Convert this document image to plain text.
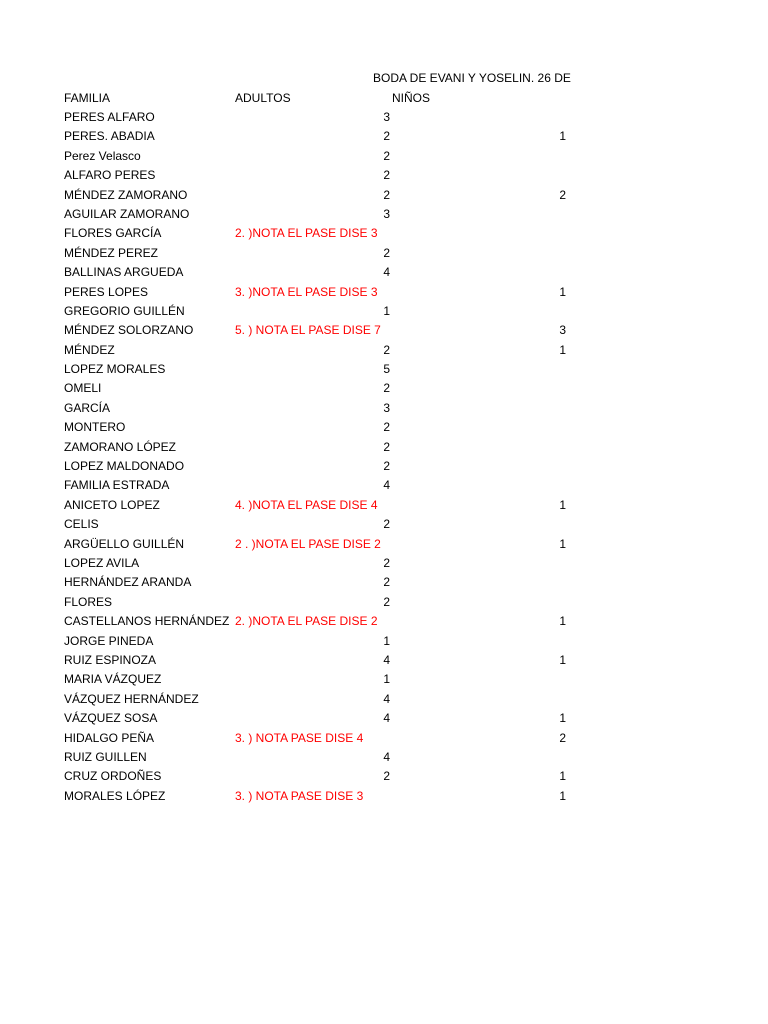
BODA DE EVANI Y YOSELIN. 26 DE
FAMILIA	ADULTOS	NIÑOS
PERES ALFARO	3
PERES. ABADIA	2	1
Perez Velasco	2
ALFARO PERES	2
MÉNDEZ ZAMORANO	2	2
AGUILAR ZAMORANO	3
FLORES GARCÍA	2. )NOTA EL PASE DISE 3
MÉNDEZ PEREZ	2
BALLINAS ARGUEDA	4
PERES LOPES	3. )NOTA EL PASE DISE 3	1
GREGORIO GUILLÉN	1
MÉNDEZ SOLORZANO	5. ) NOTA EL PASE DISE 7	3
MÉNDEZ	2	1
LOPEZ MORALES	5
OMELI	2
GARCÍA	3
MONTERO	2
ZAMORANO LÓPEZ	2
LOPEZ MALDONADO	2
FAMILIA ESTRADA	4
ANICETO LOPEZ	4. )NOTA EL PASE DISE 4	1
CELIS	2
ARGÜELLO GUILLÉN	2 . )NOTA EL PASE DISE 2	1
LOPEZ AVILA	2
HERNÁNDEZ ARANDA	2
FLORES	2
CASTELLANOS HERNÁNDEZ 2. )NOTA EL PASE DISE 2	1
JORGE PINEDA	1
RUIZ ESPINOZA	4	1
MARIA VÁZQUEZ	1
VÁZQUEZ HERNÁNDEZ	4
VÁZQUEZ SOSA	4	1
HIDALGO PEÑA	3. ) NOTA PASE DISE 4	2
RUIZ GUILLEN	4
CRUZ ORDOÑES	2	1
MORALES LÓPEZ	3. ) NOTA PASE DISE 3	1
